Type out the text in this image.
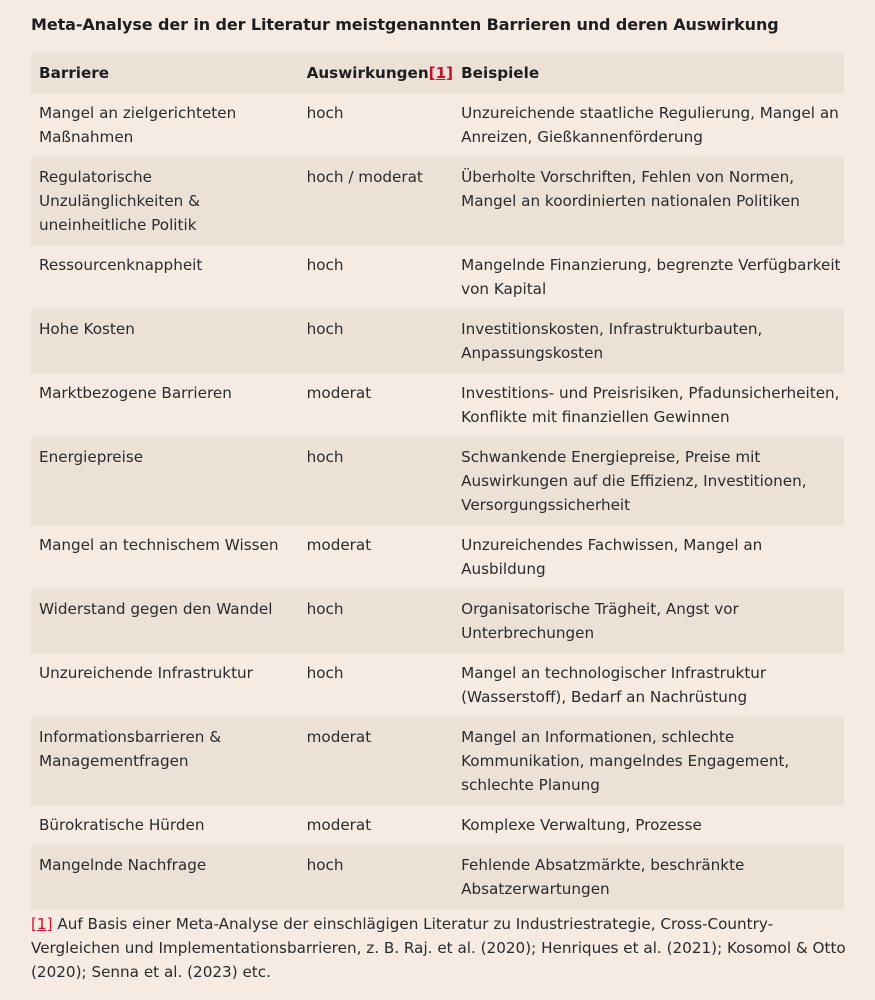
Meta-Analyse der in der Literatur meistgenannten Barrieren und deren Auswirkung
Barriere	Auswirkungen[1]	Beispiele
Mangel an zielgerichteten Maßnahmen	hoch	Unzureichende staatliche Regulierung, Mangel an Anreizen, Gießkannenförderung
Regulatorische Unzulänglichkeiten & uneinheitliche Politik	hoch / moderat	Überholte Vorschriften, Fehlen von Normen, Mangel an koordinierten nationalen Politiken
Ressourcenknappheit	hoch	Mangelnde Finanzierung, begrenzte Verfügbarkeit von Kapital
Hohe Kosten	hoch	Investitionskosten, Infrastrukturbauten, Anpassungskosten
Marktbezogene Barrieren	moderat	Investitions- und Preisrisiken, Pfadunsicherheiten, Konflikte mit finanziellen Gewinnen
Energiepreise	hoch	Schwankende Energiepreise, Preise mit Auswirkungen auf die Effizienz, Investitionen, Versorgungssicherheit
Mangel an technischem Wissen	moderat	Unzureichendes Fachwissen, Mangel an Ausbildung
Widerstand gegen den Wandel	hoch	Organisatorische Trägheit, Angst vor Unterbrechungen
Unzureichende Infrastruktur	hoch	Mangel an technologischer Infrastruktur (Wasserstoff), Bedarf an Nachrüstung
Informationsbarrieren & Managementfragen	moderat	Mangel an Informationen, schlechte Kommunikation, mangelndes Engagement, schlechte Planung
Bürokratische Hürden	moderat	Komplexe Verwaltung, Prozesse
Mangelnde Nachfrage	hoch	Fehlende Absatzmärkte, beschränkte Absatzerwartungen
[1] Auf Basis einer Meta-Analyse der einschlägigen Literatur zu Industriestrategie, Cross-Country-Vergleichen und Implementationsbarrieren, z. B. Raj. et al. (2020); Henriques et al. (2021); Kosomol & Otto (2020); Senna et al. (2023) etc.
